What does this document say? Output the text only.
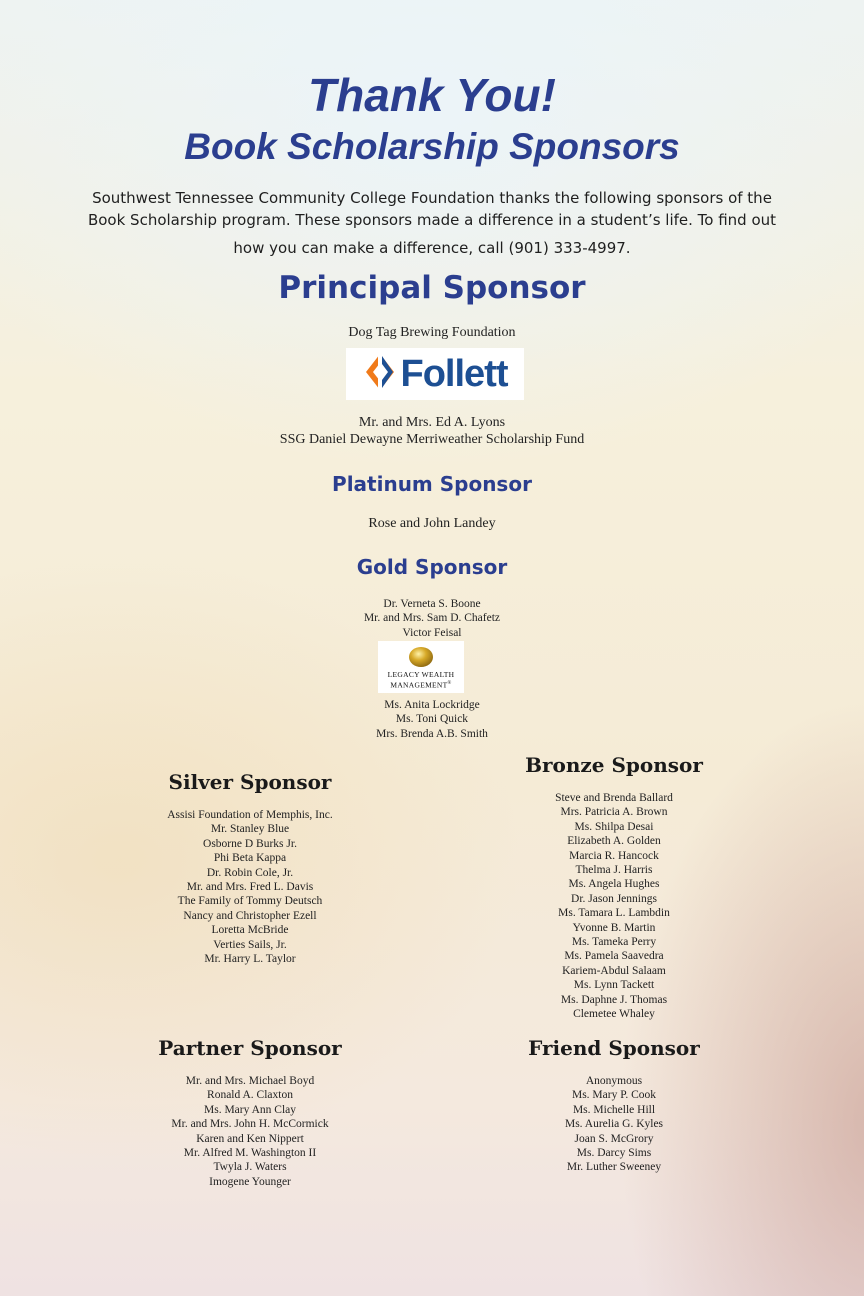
Thank You!
Book Scholarship Sponsors

Southwest Tennessee Community College Foundation thanks the following sponsors of the

Book Scholarship program. These sponsors made a difference in a student’s life. To find out

how you can make a difference, call (901) 333-4997.

Principal Sponsor
Dog Tag Brewing Foundation
Follett
Mr. and Mrs. Ed A. Lyons
SSG Daniel Dewayne Merriweather Scholarship Fund
Platinum Sponsor
Rose and John Landey
Gold Sponsor
Dr. Verneta S. Boone
Mr. and Mrs. Sam D. Chafetz
Victor Feisal
LEGACY WEALTH
MANAGEMENT®
Ms. Anita Lockridge
Ms. Toni Quick
Mrs. Brenda A.B. Smith
Silver Sponsor
Assisi Foundation of Memphis, Inc.
Mr. Stanley Blue
Osborne D Burks Jr.
Phi Beta Kappa
Dr. Robin Cole, Jr.
Mr. and Mrs. Fred L. Davis
The Family of Tommy Deutsch
Nancy and Christopher Ezell
Loretta McBride
Verties Sails, Jr.
Mr. Harry L. Taylor
Bronze Sponsor
Steve and Brenda Ballard
Mrs. Patricia A. Brown
Ms. Shilpa Desai
Elizabeth A. Golden
Marcia R. Hancock
Thelma J. Harris
Ms. Angela Hughes
Dr. Jason Jennings
Ms. Tamara L. Lambdin
Yvonne B. Martin
Ms. Tameka Perry
Ms. Pamela Saavedra
Kariem-Abdul Salaam
Ms. Lynn Tackett
Ms. Daphne J. Thomas
Clemetee Whaley
Partner Sponsor
Mr. and Mrs. Michael Boyd
Ronald A. Claxton
Ms. Mary Ann Clay
Mr. and Mrs. John H. McCormick
Karen and Ken Nippert
Mr. Alfred M. Washington II
Twyla J. Waters
Imogene Younger
Friend Sponsor
Anonymous
Ms. Mary P. Cook
Ms. Michelle Hill
Ms. Aurelia G. Kyles
Joan S. McGrory
Ms. Darcy Sims
Mr. Luther Sweeney
